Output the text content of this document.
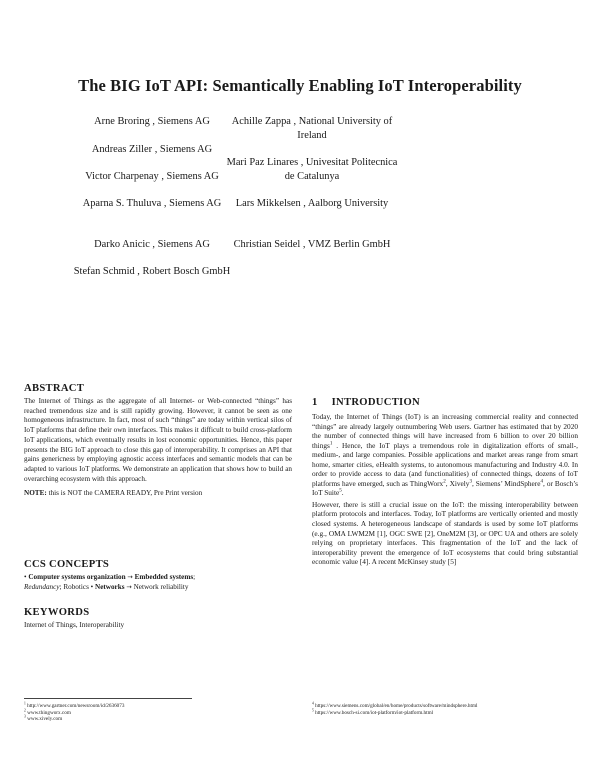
The BIG IoT API: Semantically Enabling IoT Interoperability
Arne Broring , Siemens AG
Andreas Ziller , Siemens AG
Victor Charpenay , Siemens AG
Aparna S. Thuluva , Siemens AG
Darko Anicic , Siemens AG
Stefan Schmid , Robert Bosch GmbH
Achille Zappa , National University of Ireland
Mari Paz Linares , Univesitat Politecnica de Catalunya
Lars Mikkelsen , Aalborg University
Christian Seidel , VMZ Berlin GmbH
ABSTRACT

The Internet of Things as the aggregate of all Internet- or Web-connected “things” has reached tremendous size and is still rapidly growing. However, it cannot be seen as one homogeneous infrastructure. In fact, most of such “things” are today within vertical silos of IoT platforms that define their own interfaces. This makes it difficult to build cross-platform IoT applications, which eventually results in lost economic opportunities. Hence, this paper presents the BIG IoT approach to close this gap of interoperability. It comprises an API that gains genericness by employing agnostic access interfaces and semantic models that can be adapted to various IoT platforms. We demonstrate an application that shows how to build an overarching ecosystem with this approach.

NOTE: this is NOT the CAMERA READY, Pre Print version

CCS CONCEPTS

• Computer systems organization → Embedded systems;
Redundancy; Robotics • Networks → Network reliability

KEYWORDS

Internet of Things, Interoperability

$^1$ http://www.gartner.com/newsroom/id/2636073
$^2$ www.thingworx.com
$^3$ www.xively.com
1 INTRODUCTION

Today, the Internet of Things (IoT) is an increasing commercial reality and connected “things” are already largely outnumbering Web users. Gartner has estimated that by 2020 the number of connected things will have increased from 6 billion to over 20 billion things$^1$ . Hence, the IoT plays a tremendous role in digitalization efforts of small-, medium-, and large companies. Possible applications and market areas range from smart home, smarter cities, eHealth systems, to autonomous manufacturing and Industry 4.0. In order to provide access to data (and functionalities) of connected things, dozens of IoT platforms have emerged, such as ThingWorx$^2$, Xively$^3$, Siemens’ MindSphere$^4$, or Bosch’s IoT Suite$^5$.

However, there is still a crucial issue on the IoT: the missing interoperability between platform protocols and interfaces. Today, IoT platforms are vertically oriented and mostly closed systems. A heterogeneous landscape of standards is used by some IoT platforms (e.g., OMA LWM2M [1], OGC SWE [2], OneM2M [3], or OPC UA and others are solely relying on proprietary interfaces. This fragmentation of the IoT and the lack of interoperability prevent the emergence of IoT ecosystems that could bring substantial economic value [4]. A recent McKinsey study [5]

$^4$ https://www.siemens.com/global/en/home/products/software/mindsphere.html
$^5$ https://www.bosch-si.com/iot-platform/iot-platform.html
